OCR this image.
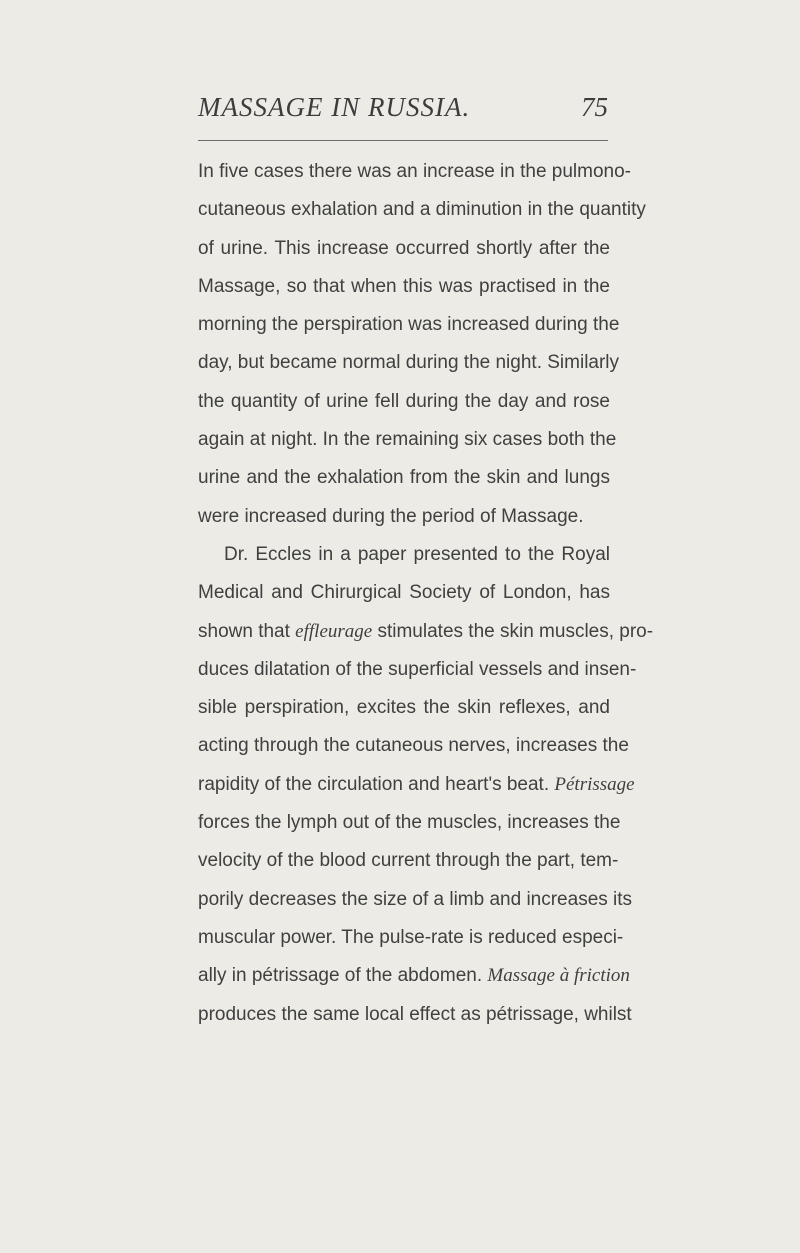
MASSAGE IN RUSSIA.	75
In five cases there was an increase in the pulmono-
cutaneous exhalation and a diminution in the quantity
of urine. This increase occurred shortly after the
Massage, so that when this was practised in the
morning the perspiration was increased during the
day, but became normal during the night. Similarly
the quantity of urine fell during the day and rose
again at night. In the remaining six cases both the
urine and the exhalation from the skin and lungs
were increased during the period of Massage.
Dr. Eccles in a paper presented to the Royal
Medical and Chirurgical Society of London, has
shown that effleurage stimulates the skin muscles, pro-
duces dilatation of the superficial vessels and insen-
sible perspiration, excites the skin reflexes, and
acting through the cutaneous nerves, increases the
rapidity of the circulation and heart's beat. Pétrissage
forces the lymph out of the muscles, increases the
velocity of the blood current through the part, tem-
porily decreases the size of a limb and increases its
muscular power. The pulse-rate is reduced especi-
ally in pétrissage of the abdomen. Massage à friction
produces the same local effect as pétrissage, whilst
